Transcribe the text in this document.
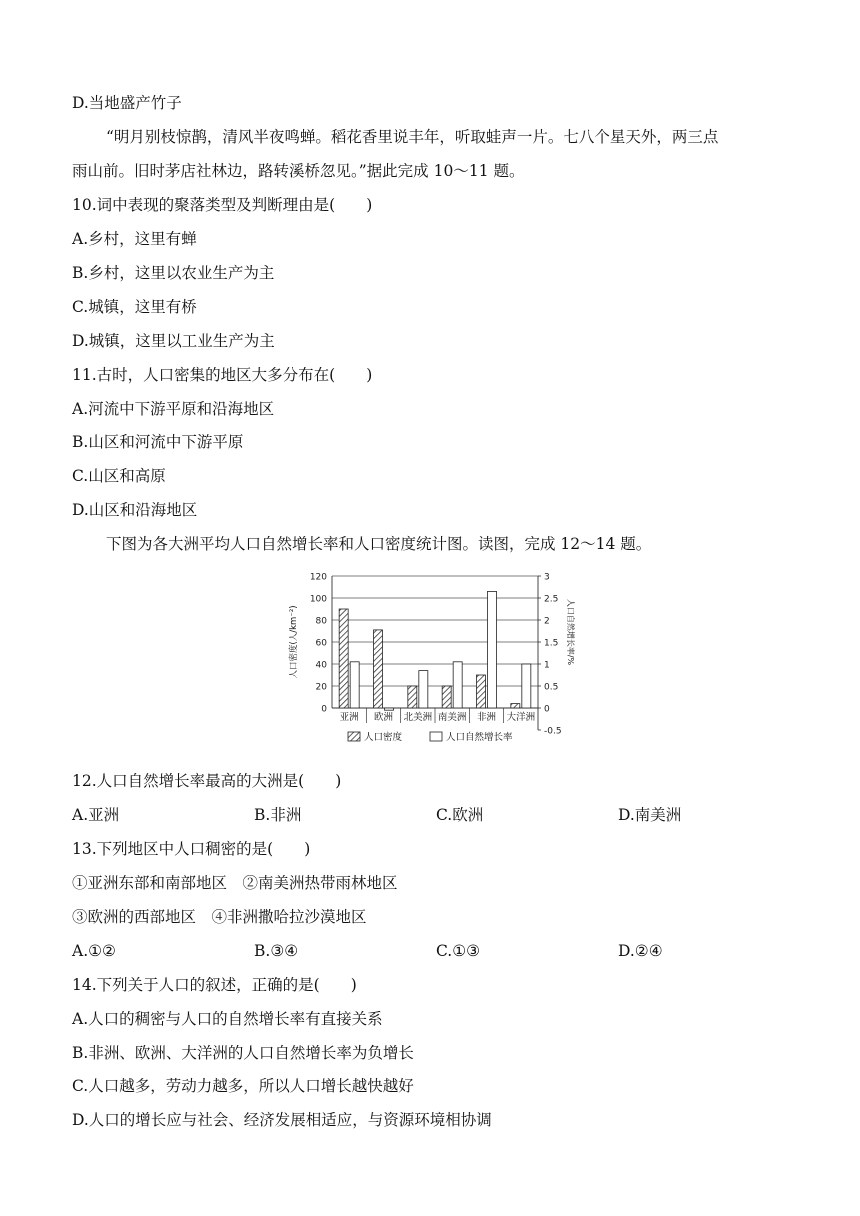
D.当地盛产竹子
“明月别枝惊鹊，清风半夜鸣蝉。稻花香里说丰年，听取蛙声一片。七八个星天外，两三点
雨山前。旧时茅店社林边，路转溪桥忽见。”据此完成 10～11 题。
10.词中表现的聚落类型及判断理由是(　　)
A.乡村，这里有蝉
B.乡村，这里以农业生产为主
C.城镇，这里有桥
D.城镇，这里以工业生产为主
11.古时，人口密集的地区大多分布在(　　)
A.河流中下游平原和沿海地区
B.山区和河流中下游平原
C.山区和高原
D.山区和沿海地区
下图为各大洲平均人口自然增长率和人口密度统计图。读图，完成 12～14 题。
120
100
80
60
40
20
0
3
2.5
2
1.5
1
0.5
0
-0.5
亚洲 欧洲 北美洲 南美洲 非洲 大洋洲
人口密度(人/km⁻²)	人口自然增长率/%
人口密度	人口自然增长率
12.人口自然增长率最高的大洲是(　　)
A.亚洲	B.非洲	C.欧洲	D.南美洲
13.下列地区中人口稠密的是(　　)
①亚洲东部和南部地区　②南美洲热带雨林地区
③欧洲的西部地区　④非洲撒哈拉沙漠地区
A.①②	B.③④	C.①③	D.②④
14.下列关于人口的叙述，正确的是(　　)
A.人口的稠密与人口的自然增长率有直接关系
B.非洲、欧洲、大洋洲的人口自然增长率为负增长
C.人口越多，劳动力越多，所以人口增长越快越好
D.人口的增长应与社会、经济发展相适应，与资源环境相协调
